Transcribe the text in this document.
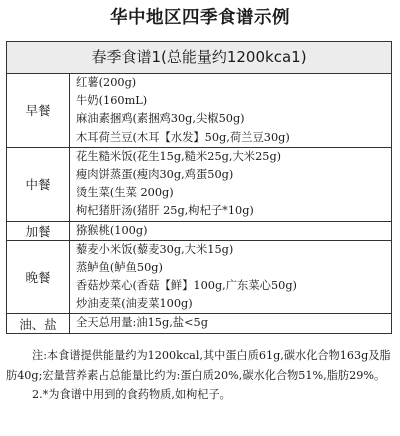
华中地区四季食谱示例
春季食谱1(总能量约1200kca1)
早餐
红薯(200g)
牛奶(160mL)
麻油素捆鸡(素捆鸡30g,尖椒50g)
木耳荷兰豆(木耳【水发】50g,荷兰豆30g)
中餐
花生糙米饭(花生15g,糙米25g,大米25g)
瘦肉饼蒸蛋(瘦肉30g,鸡蛋50g)
烫生菜(生菜 200g)
枸杞猪肝汤(猪肝 25g,枸杞子*10g)
加餐	猕猴桃(100g)
晚餐
藜麦小米饭(藜麦30g,大米15g)
蒸鲈鱼(鲈鱼50g)
香菇炒菜心(香菇【鲜】100g,广东菜心50g)
炒油麦菜(油麦菜100g)
油、盐	全天总用量:油15g,盐<5g

注:本食谱提供能量约为1200kcal,其中蛋白质61g,碳水化合物163g及脂肪40g;宏量营养素占总能量比约为:蛋白质20%,碳水化合物51%,脂肪29%。

2.*为食谱中用到的食药物质,如枸杞子。
